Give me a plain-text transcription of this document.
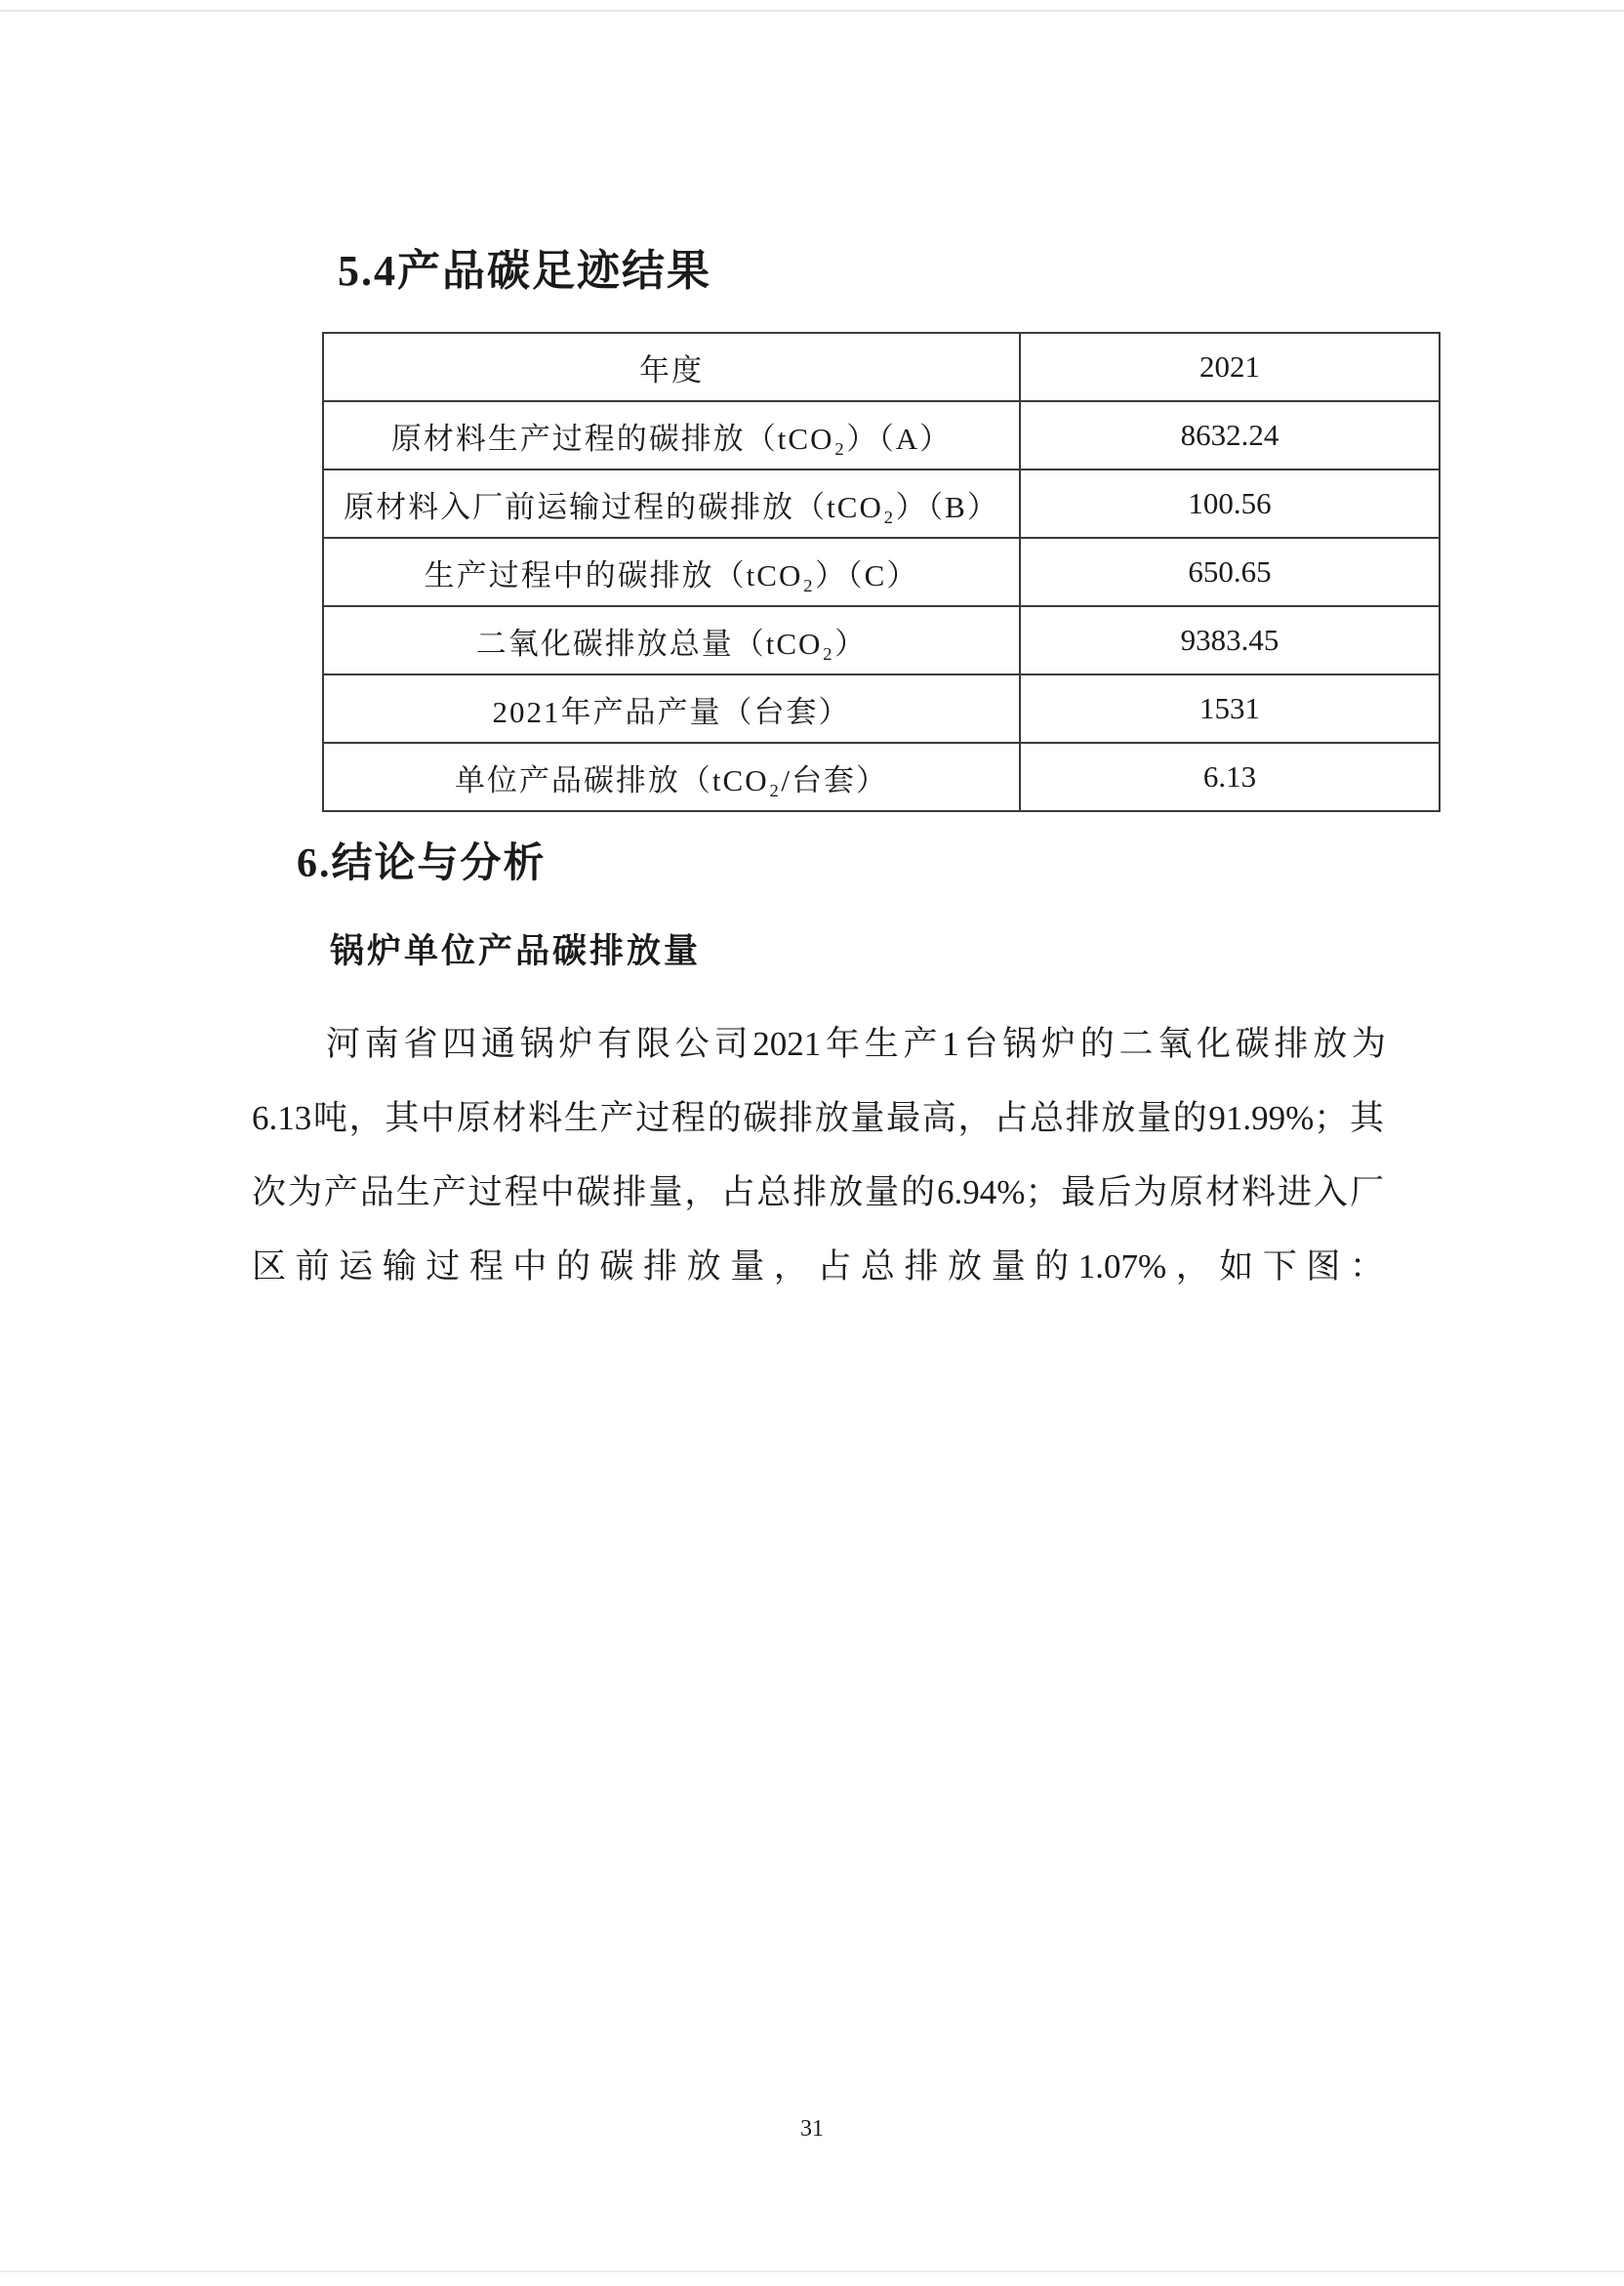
5.4产品碳足迹结果
年度	2021
原材料生产过程的碳排放（tCO₂）（A）	8632.24
原材料入厂前运输过程的碳排放（tCO₂）（B）	100.56
生产过程中的碳排放（tCO₂）（C）	650.65
二氧化碳排放总量（tCO₂）	9383.45
2021年产品产量（台套）	1531
单位产品碳排放（tCO₂/台套）	6.13
6.结论与分析
锅炉单位产品碳排放量
河南省四通锅炉有限公司2021年生产1台锅炉的二氧化碳排放为
6.13吨，其中原材料生产过程的碳排放量最高，占总排放量的91.99%；其
次为产品生产过程中碳排量，占总排放量的6.94%；最后为原材料进入厂
区前运输过程中的碳排放量，占总排放量的1.07%，如下图：
31
